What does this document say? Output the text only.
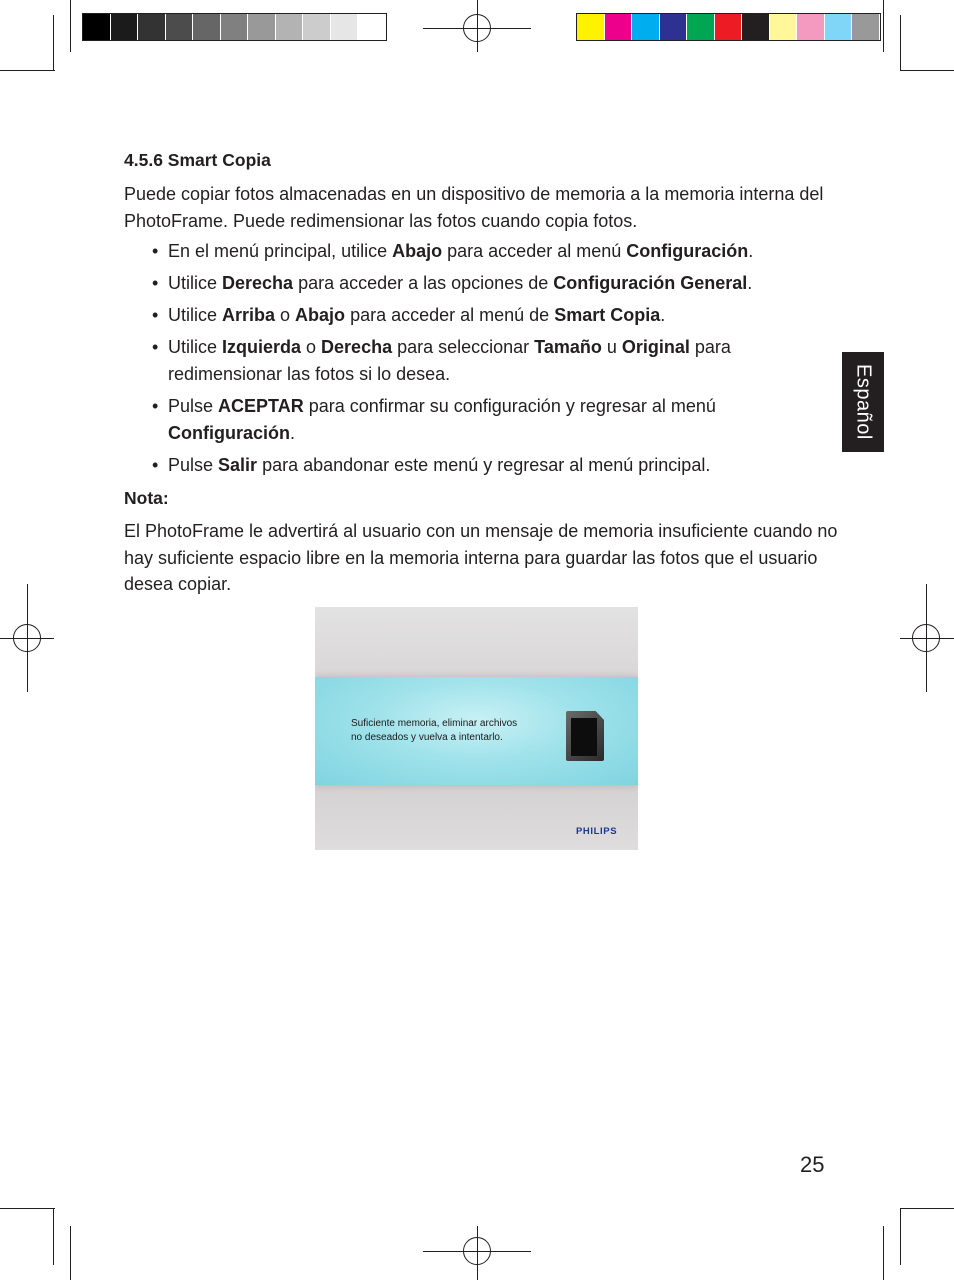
4.5.6 Smart Copia
Puede copiar fotos almacenadas en un dispositivo de memoria a la memoria interna del PhotoFrame. Puede redimensionar las fotos cuando copia fotos.
• En el menú principal, utilice Abajo para acceder al menú Configuración.
• Utilice Derecha para acceder a las opciones de Configuración General.
• Utilice Arriba o Abajo para acceder al menú de Smart Copia.
• Utilice Izquierda o Derecha para seleccionar Tamaño u Original para redimensionar las fotos si lo desea.
• Pulse ACEPTAR para confirmar su configuración y regresar al menú Configuración.
• Pulse Salir para abandonar este menú y regresar al menú principal.
Nota:
El PhotoFrame le advertirá al usuario con un mensaje de memoria insuficiente cuando no hay suficiente espacio libre en la memoria interna para guardar las fotos que el usuario desea copiar.
Suficiente memoria, eliminar archivos
no deseados y vuelva a intentarlo.
PHILIPS
Español
25
